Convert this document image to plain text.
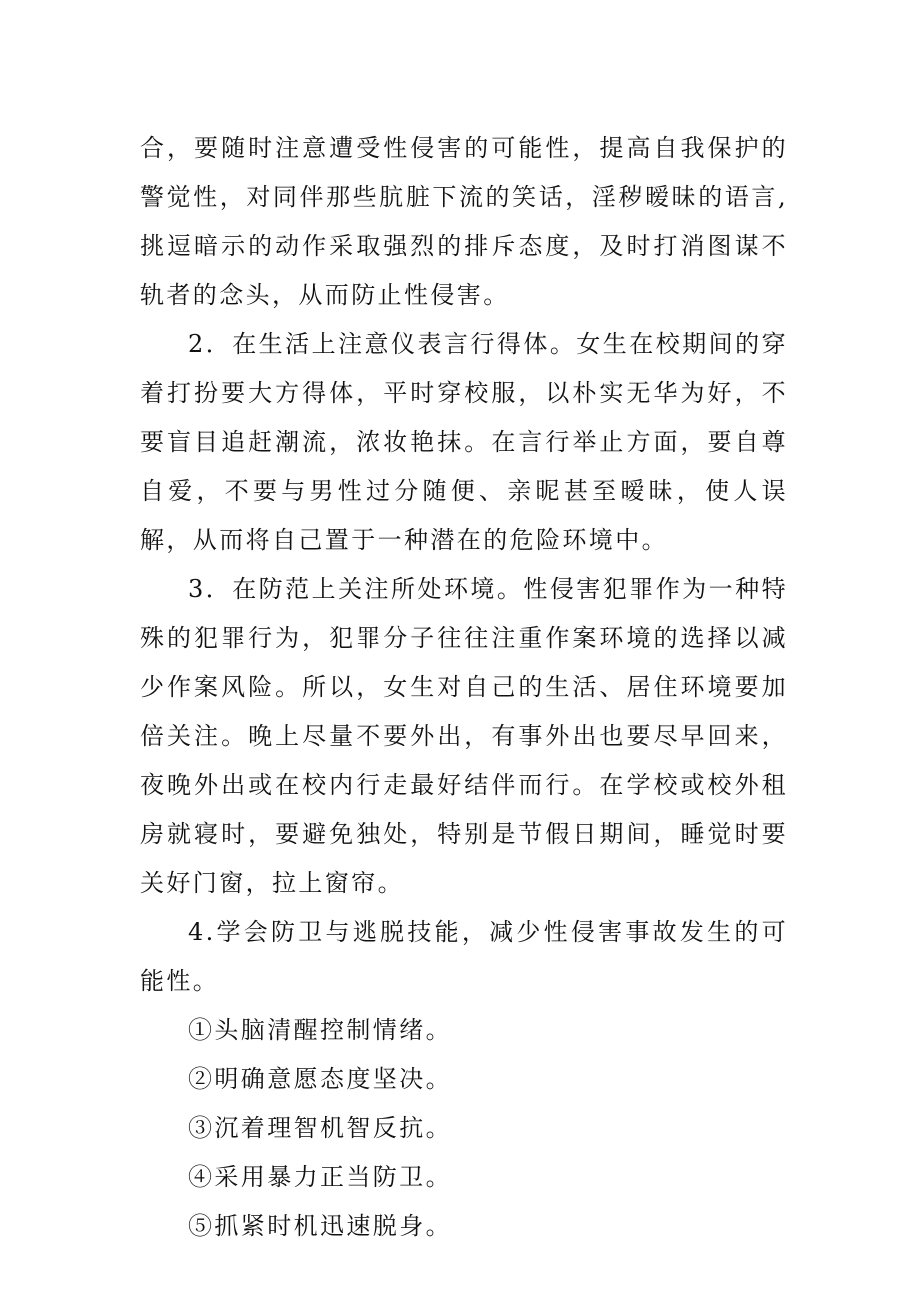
合，要随时注意遭受性侵害的可能性，提高自我保护的警觉性，对同伴那些肮脏下流的笑话，淫秽暧昧的语言,挑逗暗示的动作采取强烈的排斥态度，及时打消图谋不轨者的念头，从而防止性侵害。

2．在生活上注意仪表言行得体。女生在校期间的穿着打扮要大方得体，平时穿校服，以朴实无华为好，不要盲目追赶潮流，浓妆艳抹。在言行举止方面，要自尊自爱，不要与男性过分随便、亲昵甚至暧昧，使人误解，从而将自己置于一种潜在的危险环境中。

3．在防范上关注所处环境。性侵害犯罪作为一种特殊的犯罪行为，犯罪分子往往注重作案环境的选择以减少作案风险。所以，女生对自己的生活、居住环境要加倍关注。晚上尽量不要外出，有事外出也要尽早回来，夜晚外出或在校内行走最好结伴而行。在学校或校外租房就寝时，要避免独处，特别是节假日期间，睡觉时要关好门窗，拉上窗帘。

4.学会防卫与逃脱技能，减少性侵害事故发生的可能性。

①头脑清醒控制情绪。

②明确意愿态度坚决。

③沉着理智机智反抗。

④采用暴力正当防卫。

⑤抓紧时机迅速脱身。
